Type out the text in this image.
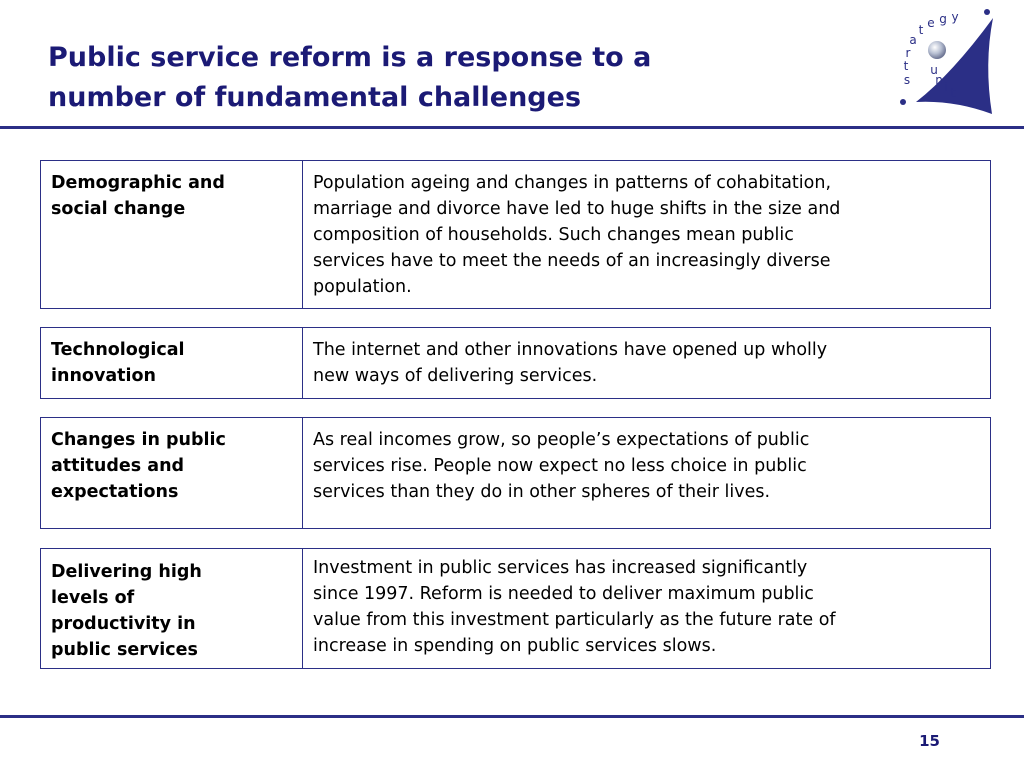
Public service reform is a response to a
number of fundamental challenges
s
t
r
a
t e g y
u
n i t
Demographic and
social change
Population ageing and changes in patterns of cohabitation,
marriage and divorce have led to huge shifts in the size and
composition of households. Such changes mean public
services have to meet the needs of an increasingly diverse
population.
Technological
innovation
The internet and other innovations have opened up wholly
new ways of delivering services.
Changes in public
attitudes and
expectations
As real incomes grow, so people’s expectations of public
services rise. People now expect no less choice in public
services than they do in other spheres of their lives.
Delivering high
levels of
productivity in
public services
Investment in public services has increased significantly
since 1997. Reform is needed to deliver maximum public
value from this investment particularly as the future rate of
increase in spending on public services slows.
15
